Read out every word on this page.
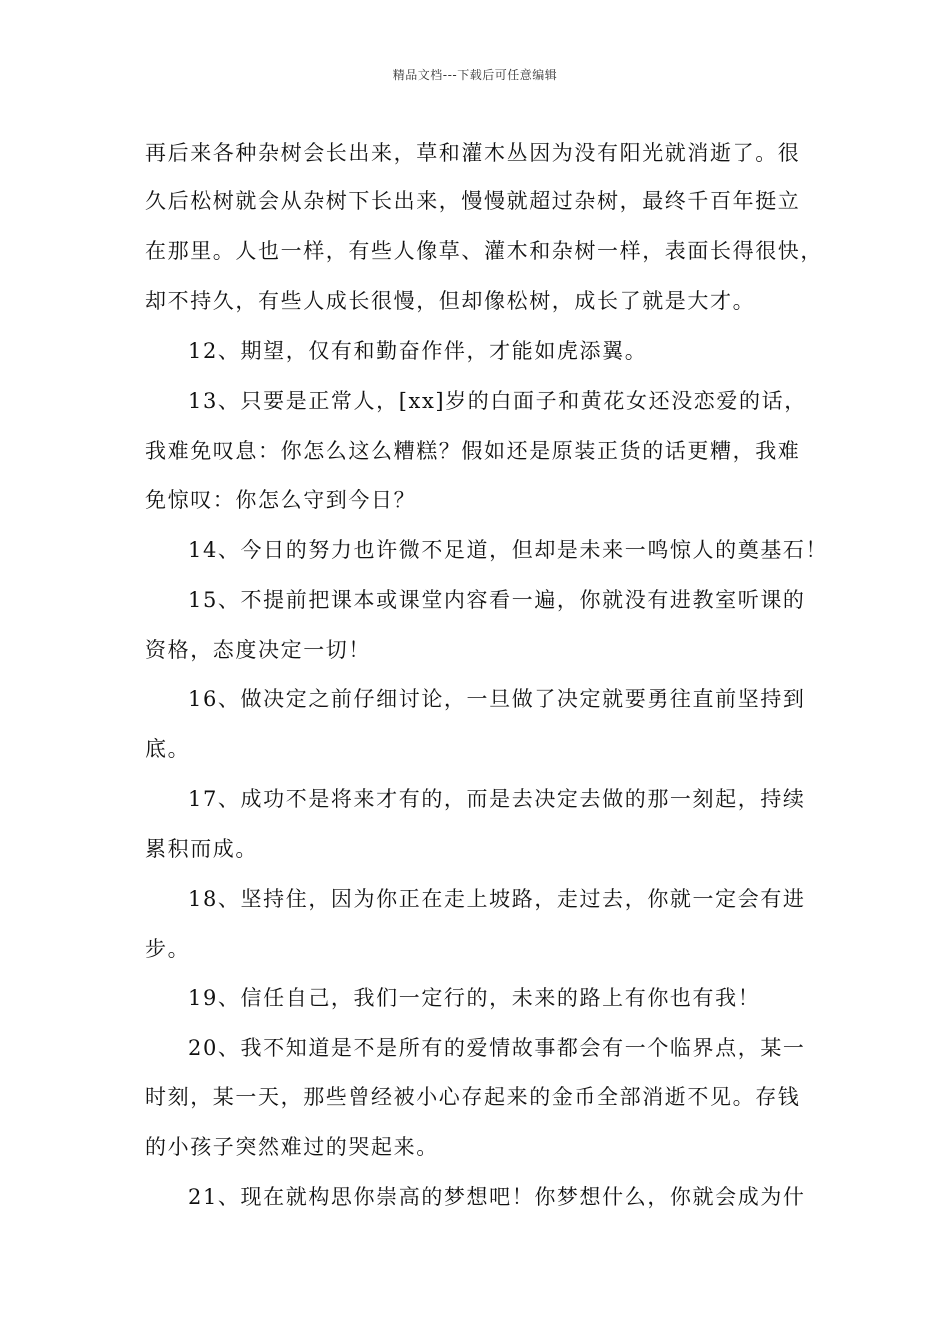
精品文档---下载后可任意编辑
再后来各种杂树会长出来，草和灌木丛因为没有阳光就消逝了。很
久后松树就会从杂树下长出来，慢慢就超过杂树，最终千百年挺立
在那里。人也一样，有些人像草、灌木和杂树一样，表面长得很快，
却不持久，有些人成长很慢，但却像松树，成长了就是大才。
12、期望，仅有和勤奋作伴，才能如虎添翼。
13、只要是正常人，[xx]岁的白面子和黄花女还没恋爱的话，
我难免叹息：你怎么这么糟糕？假如还是原装正货的话更糟，我难
免惊叹：你怎么守到今日？
14、今日的努力也许微不足道，但却是未来一鸣惊人的奠基石！
15、不提前把课本或课堂内容看一遍，你就没有进教室听课的
资格，态度决定一切！
16、做决定之前仔细讨论，一旦做了决定就要勇往直前坚持到
底。
17、成功不是将来才有的，而是去决定去做的那一刻起，持续
累积而成。
18、坚持住，因为你正在走上坡路，走过去，你就一定会有进
步。
19、信任自己，我们一定行的，未来的路上有你也有我！
20、我不知道是不是所有的爱情故事都会有一个临界点，某一
时刻，某一天，那些曾经被小心存起来的金币全部消逝不见。存钱
的小孩子突然难过的哭起来。
21、现在就构思你崇高的梦想吧！你梦想什么，你就会成为什
